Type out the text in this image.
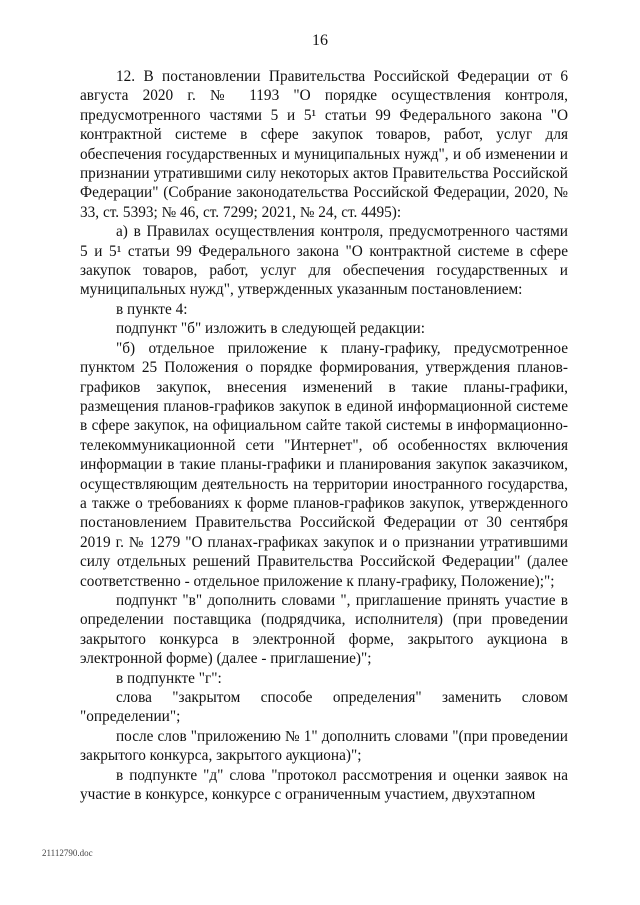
16

12. В постановлении Правительства Российской Федерации от 6 августа 2020 г. № 1193 "О порядке осуществления контроля, предусмотренного частями 5 и 5¹ статьи 99 Федерального закона "О контрактной системе в сфере закупок товаров, работ, услуг для обеспечения государственных и муниципальных нужд", и об изменении и признании утратившими силу некоторых актов Правительства Российской Федерации" (Собрание законодательства Российской Федерации, 2020, № 33, ст. 5393; № 46, ст. 7299; 2021, № 24, ст. 4495):

а) в Правилах осуществления контроля, предусмотренного частями 5 и 5¹ статьи 99 Федерального закона "О контрактной системе в сфере закупок товаров, работ, услуг для обеспечения государственных и муниципальных нужд", утвержденных указанным постановлением:

в пункте 4:

подпункт "б" изложить в следующей редакции:

"б) отдельное приложение к плану-графику, предусмотренное пунктом 25 Положения о порядке формирования, утверждения планов-графиков закупок, внесения изменений в такие планы-графики, размещения планов-графиков закупок в единой информационной системе в сфере закупок, на официальном сайте такой системы в информационно-телекоммуникационной сети "Интернет", об особенностях включения информации в такие планы-графики и планирования закупок заказчиком, осуществляющим деятельность на территории иностранного государства, а также о требованиях к форме планов-графиков закупок, утвержденного постановлением Правительства Российской Федерации от 30 сентября 2019 г. № 1279 "О планах-графиках закупок и о признании утратившими силу отдельных решений Правительства Российской Федерации" (далее соответственно - отдельное приложение к плану-графику, Положение);";

подпункт "в" дополнить словами ", приглашение принять участие в определении поставщика (подрядчика, исполнителя) (при проведении закрытого конкурса в электронной форме, закрытого аукциона в электронной форме) (далее - приглашение)";

в подпункте "г":

слова "закрытом способе определения" заменить словом "определении";

после слов "приложению № 1" дополнить словами "(при проведении закрытого конкурса, закрытого аукциона)";

в подпункте "д" слова "протокол рассмотрения и оценки заявок на участие в конкурсе, конкурсе с ограниченным участием, двухэтапном

21112790.doc
